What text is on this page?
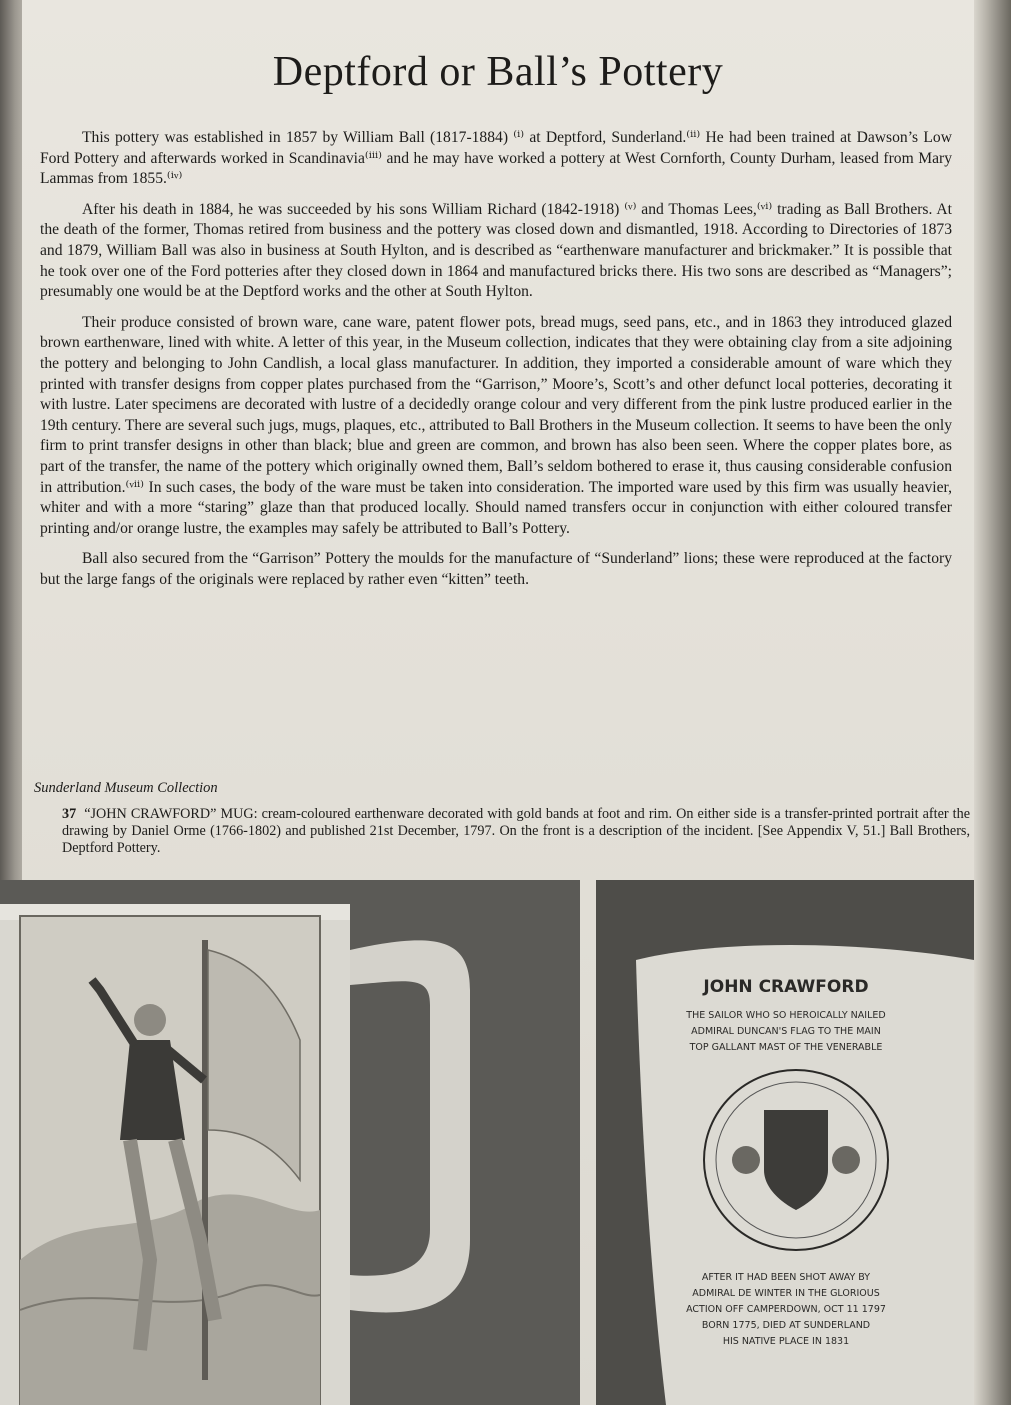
Deptford or Ball’s Pottery

This pottery was established in 1857 by William Ball (1817-1884) ⁽ⁱ⁾ at Deptford, Sunderland.⁽ⁱⁱ⁾ He had been trained at Dawson’s Low Ford Pottery and afterwards worked in Scandinavia⁽ⁱⁱⁱ⁾ and he may have worked a pottery at West Cornforth, County Durham, leased from Mary Lammas from 1855.⁽ⁱᵛ⁾

After his death in 1884, he was succeeded by his sons William Richard (1842-1918) ⁽ᵛ⁾ and Thomas Lees,⁽ᵛⁱ⁾ trading as Ball Brothers. At the death of the former, Thomas retired from business and the pottery was closed down and dismantled, 1918. According to Directories of 1873 and 1879, William Ball was also in business at South Hylton, and is described as “earthenware manufacturer and brickmaker.” It is possible that he took over one of the Ford potteries after they closed down in 1864 and manufactured bricks there. His two sons are described as “Managers”; presumably one would be at the Deptford works and the other at South Hylton.

Their produce consisted of brown ware, cane ware, patent flower pots, bread mugs, seed pans, etc., and in 1863 they introduced glazed brown earthenware, lined with white. A letter of this year, in the Museum collection, indicates that they were obtaining clay from a site adjoining the pottery and belonging to John Candlish, a local glass manufacturer. In addition, they imported a considerable amount of ware which they printed with transfer designs from copper plates purchased from the “Garrison,” Moore’s, Scott’s and other defunct local potteries, decorating it with lustre. Later specimens are decorated with lustre of a decidedly orange colour and very different from the pink lustre produced earlier in the 19th century. There are several such jugs, mugs, plaques, etc., attributed to Ball Brothers in the Museum collection. It seems to have been the only firm to print transfer designs in other than black; blue and green are common, and brown has also been seen. Where the copper plates bore, as part of the transfer, the name of the pottery which originally owned them, Ball’s seldom bothered to erase it, thus causing considerable confusion in attribution.⁽ᵛⁱⁱ⁾ In such cases, the body of the ware must be taken into consideration. The imported ware used by this firm was usually heavier, whiter and with a more “staring” glaze than that produced locally. Should named transfers occur in conjunction with either coloured transfer printing and/or orange lustre, the examples may safely be attributed to Ball’s Pottery.

Ball also secured from the “Garrison” Pottery the moulds for the manufacture of “Sunderland” lions; these were reproduced at the factory but the large fangs of the originals were replaced by rather even “kitten” teeth.

Sunderland Museum Collection
37 “JOHN CRAWFORD” MUG: cream-coloured earthenware decorated with gold bands at foot and rim. On either side is a transfer-printed portrait after the drawing by Daniel Orme (1766-1802) and published 21st December, 1797. On the front is a description of the incident. [See Appendix V, 51.] Ball Brothers, Deptford Pottery.
JOHN CRAWFORD
THE SAILOR WHO SO HEROICALLY NAILED
ADMIRAL DUNCAN'S FLAG TO THE MAIN
TOP GALLANT MAST OF THE VENERABLE
AFTER IT HAD BEEN SHOT AWAY BY
ADMIRAL DE WINTER IN THE GLORIOUS
ACTION OFF CAMPERDOWN, OCT 11 1797
BORN 1775, DIED AT SUNDERLAND
HIS NATIVE PLACE IN 1831
